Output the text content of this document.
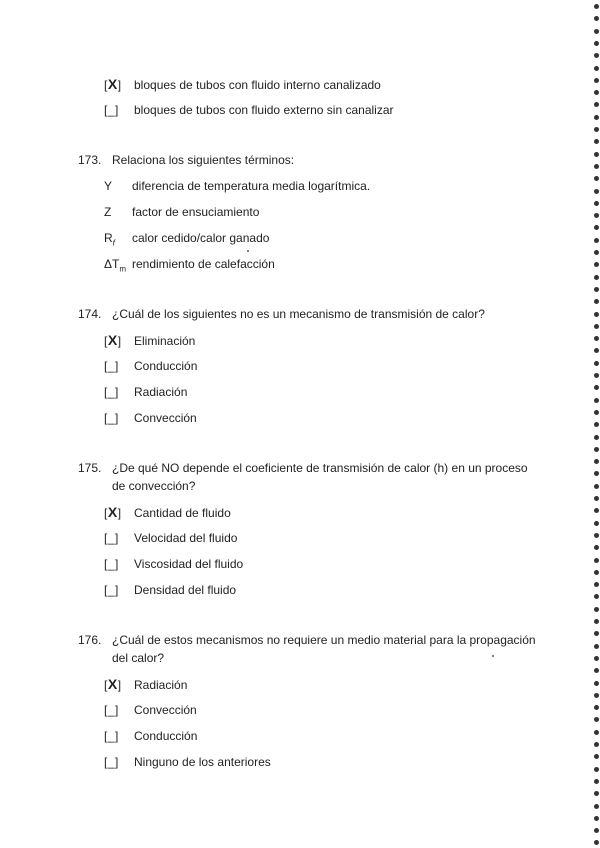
[X] bloques de tubos con fluido interno canalizado
[_] bloques de tubos con fluido externo sin canalizar
173. Relaciona los siguientes términos:
Y diferencia de temperatura media logarítmica.
Z factor de ensuciamiento
$R_f$ calor cedido/calor ganado
$\Delta T_m$ rendimiento de calefacción
174. ¿Cuál de los siguientes no es un mecanismo de transmisión de calor?
[X] Eliminación
[_] Conducción
[_] Radiación
[_] Convección
175. ¿De qué NO depende el coeficiente de transmisión de calor (h) en un proceso
de convección?
[X] Cantidad de fluido
[_] Velocidad del fluido
[_] Viscosidad del fluido
[_] Densidad del fluido
176. ¿Cuál de estos mecanismos no requiere un medio material para la propagación
del calor?
[X] Radiación
[_] Convección
[_] Conducción
[_] Ninguno de los anteriores
